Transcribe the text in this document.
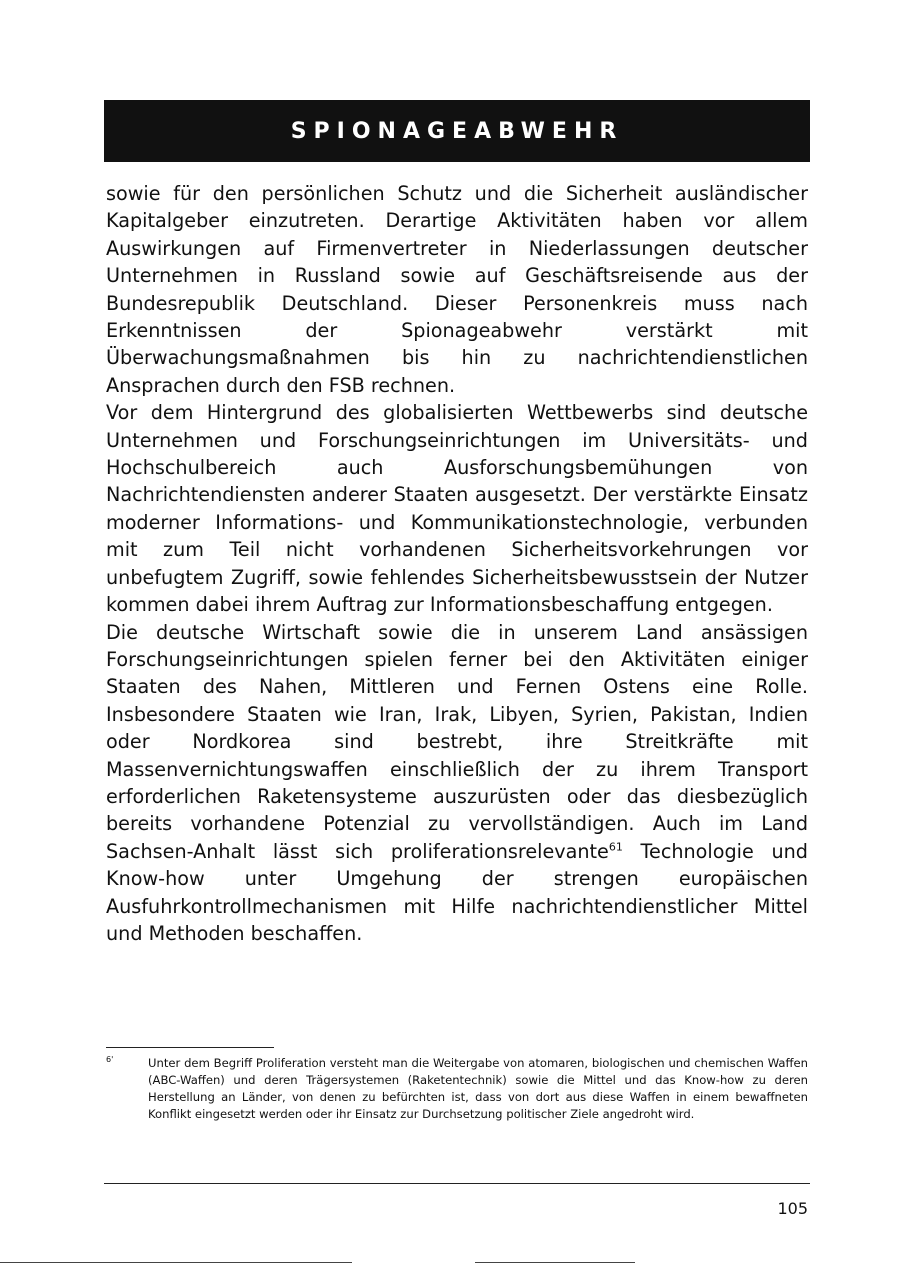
SPIONAGEABWEHR

sowie für den persönlichen Schutz und die Sicherheit ausländischer Kapitalgeber einzutreten. Derartige Aktivitäten haben vor allem Auswirkungen auf Firmenvertreter in Niederlassungen deutscher Unternehmen in Russland sowie auf Geschäftsreisende aus der Bundesrepublik Deutschland. Dieser Personenkreis muss nach Erkenntnissen der Spionageabwehr verstärkt mit Überwachungsmaßnahmen bis hin zu nachrichtendienstlichen Ansprachen durch den FSB rechnen.

Vor dem Hintergrund des globalisierten Wettbewerbs sind deutsche Unternehmen und Forschungseinrichtungen im Universitäts- und Hochschulbereich auch Ausforschungsbemühungen von Nachrichtendiensten anderer Staaten ausgesetzt. Der verstärkte Einsatz moderner Informations- und Kommunikationstechnologie, verbunden mit zum Teil nicht vorhandenen Sicherheitsvorkehrungen vor unbefugtem Zugriff, sowie fehlendes Sicherheitsbewusstsein der Nutzer kommen dabei ihrem Auftrag zur Informationsbeschaffung entgegen.

Die deutsche Wirtschaft sowie die in unserem Land ansässigen Forschungseinrichtungen spielen ferner bei den Aktivitäten einiger Staaten des Nahen, Mittleren und Fernen Ostens eine Rolle. Insbesondere Staaten wie Iran, Irak, Libyen, Syrien, Pakistan, Indien oder Nordkorea sind bestrebt, ihre Streitkräfte mit Massenvernichtungswaffen einschließlich der zu ihrem Transport erforderlichen Raketensysteme auszurüsten oder das diesbezüglich bereits vorhandene Potenzial zu vervollständigen. Auch im Land Sachsen-Anhalt lässt sich proliferationsrelevante$^{61}$ Technologie und Know-how unter Umgehung der strengen europäischen Ausfuhrkontrollmechanismen mit Hilfe nachrichtendienstlicher Mittel und Methoden beschaffen.

6'	Unter dem Begriff Proliferation versteht man die Weitergabe von atomaren, biologischen und chemischen Waffen (ABC-Waffen) und deren Trägersystemen (Raketentechnik) sowie die Mittel und das Know-how zu deren Herstellung an Länder, von denen zu befürchten ist, dass von dort aus diese Waffen in einem bewaffneten Konflikt eingesetzt werden oder ihr Einsatz zur Durchsetzung politischer Ziele angedroht wird.
105
